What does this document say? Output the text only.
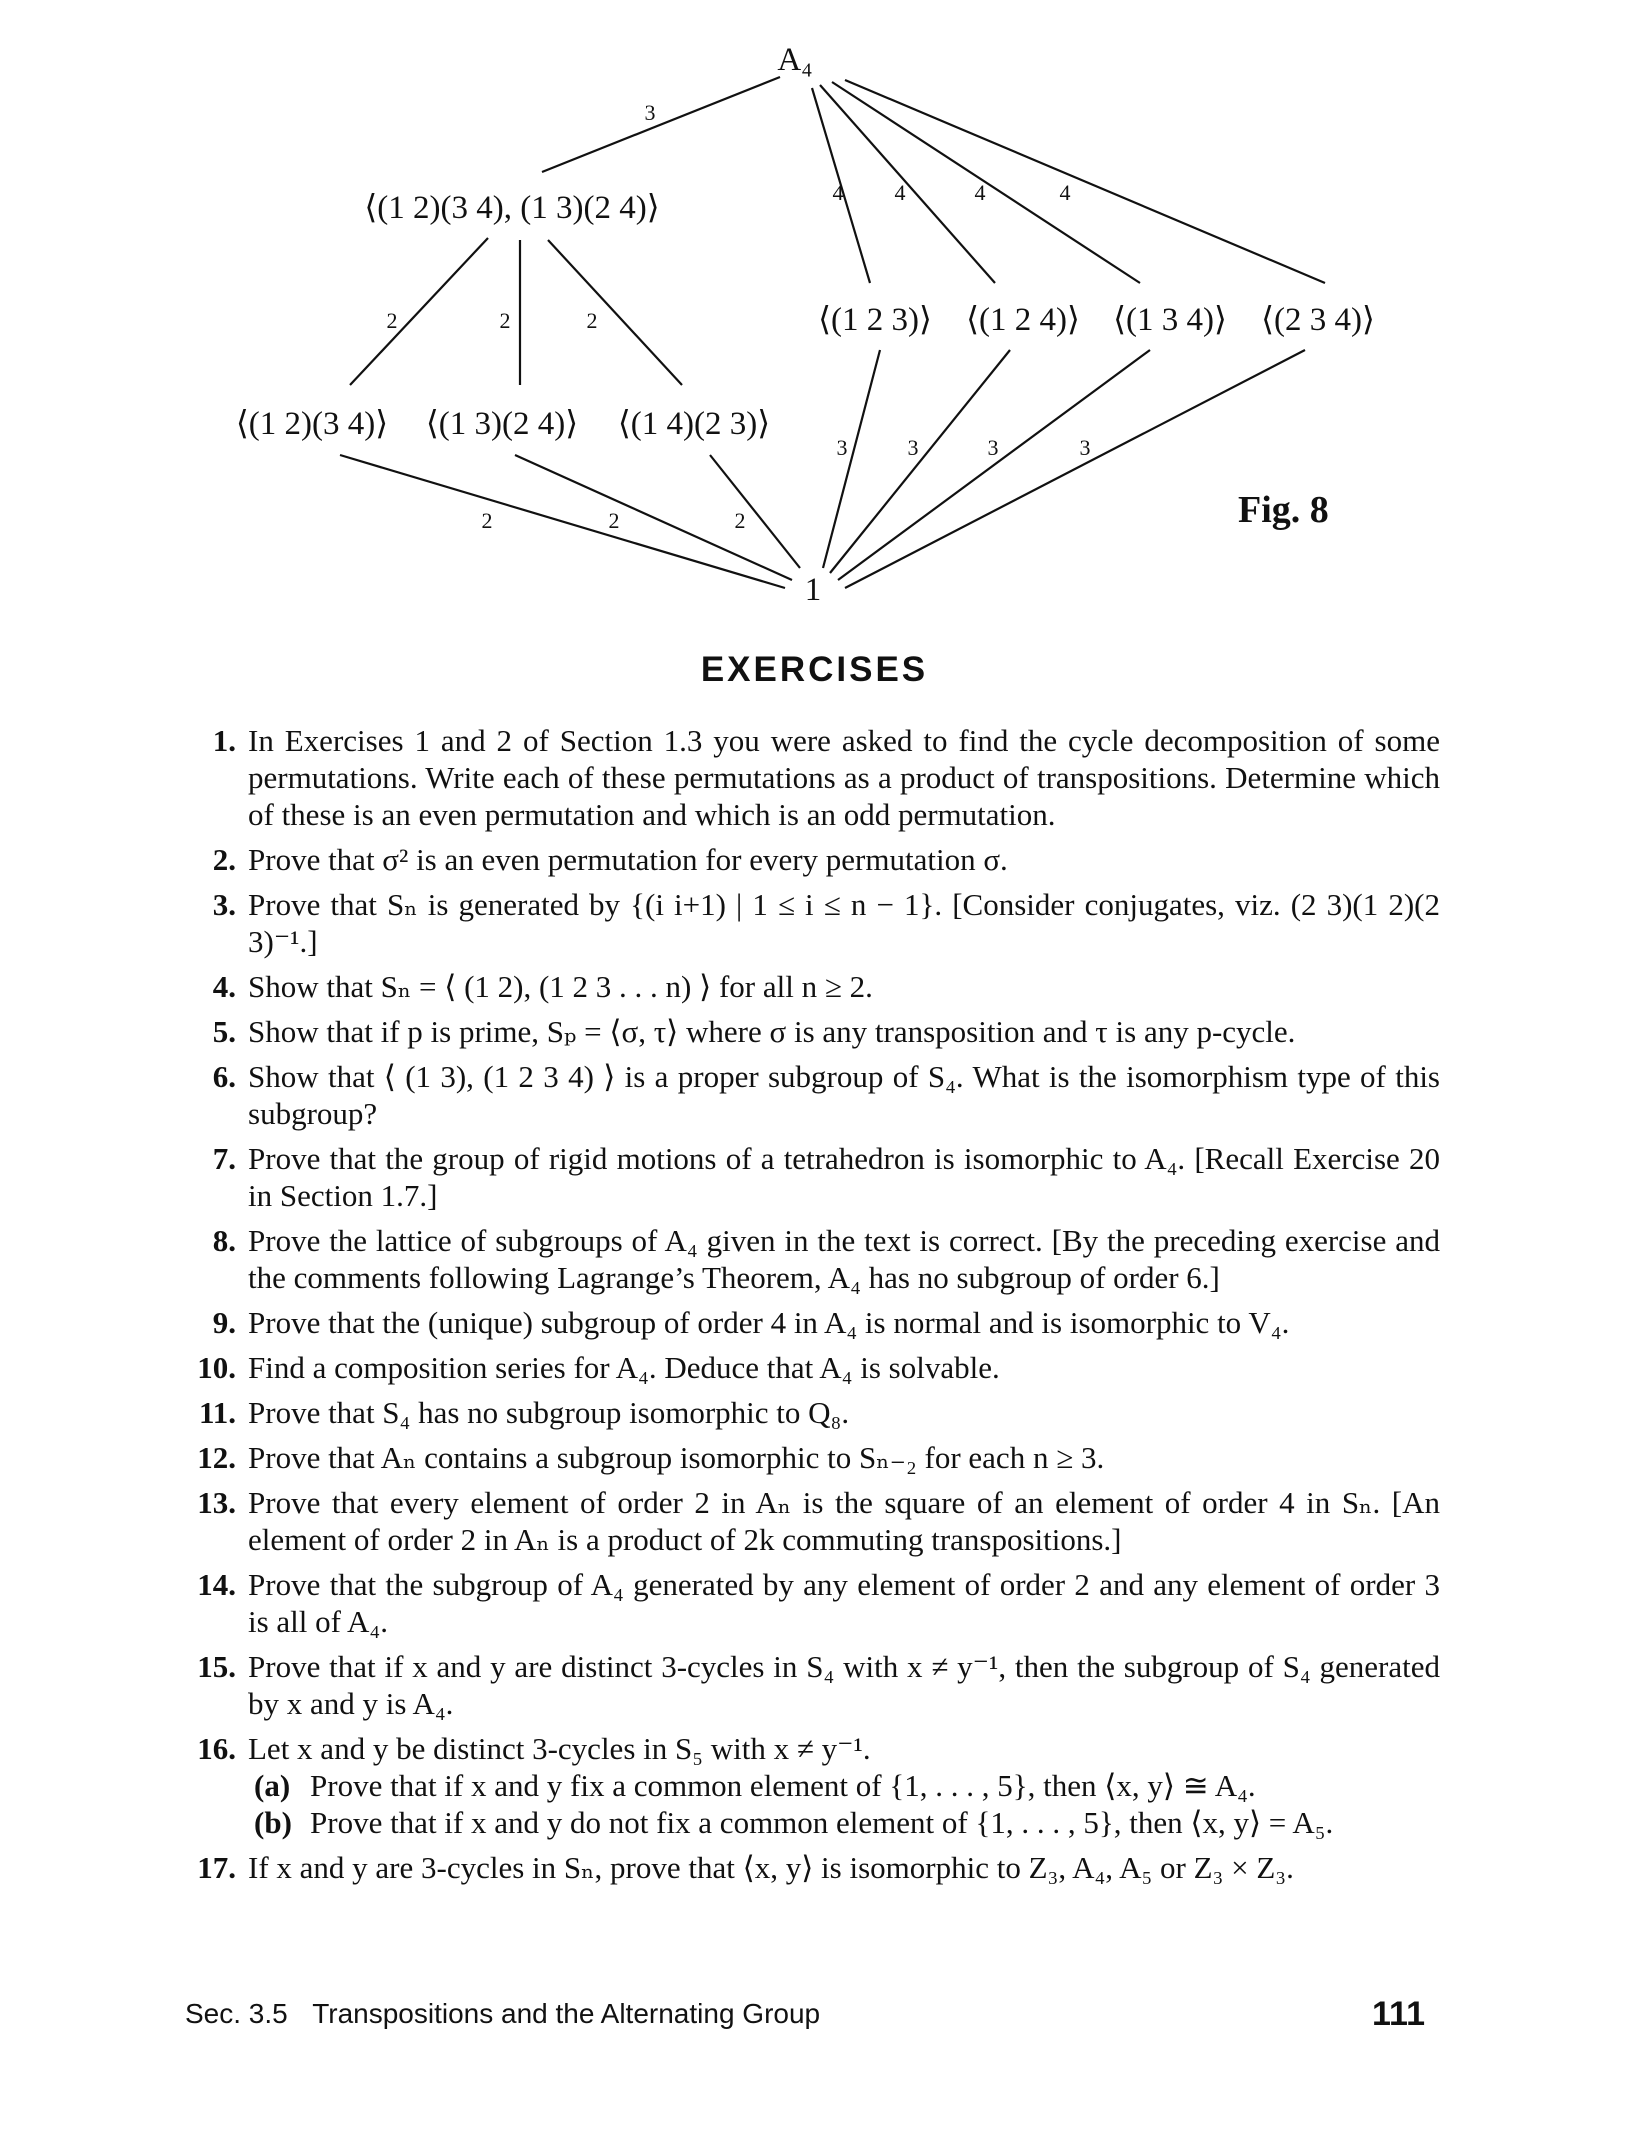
A₄
⟨(1 2)(3 4), (1 3)(2 4)⟩
⟨(1 2 3)⟩ ⟨(1 2 4)⟩ ⟨(1 3 4)⟩ ⟨(2 3 4)⟩
⟨(1 2)(3 4)⟩ ⟨(1 3)(2 4)⟩ ⟨(1 4)(2 3)⟩
1
3
4 4	4	4
2	2	2
2	2	2
3	3	3	3
Fig. 8
EXERCISES
1. In Exercises 1 and 2 of Section 1.3 you were asked to find the cycle decomposition of some permutations. Write each of these permutations as a product of transpositions. Determine which of these is an even permutation and which is an odd permutation.
2. Prove that σ² is an even permutation for every permutation σ.
3. Prove that Sₙ is generated by {(i i+1) | 1 ≤ i ≤ n − 1}. [Consider conjugates, viz. (2 3)(1 2)(2 3)⁻¹.]
4. Show that Sₙ = ⟨ (1 2), (1 2 3 . . . n) ⟩ for all n ≥ 2.
5. Show that if p is prime, Sₚ = ⟨σ, τ⟩ where σ is any transposition and τ is any p-cycle.
6. Show that ⟨ (1 3), (1 2 3 4) ⟩ is a proper subgroup of S₄. What is the isomorphism type of this subgroup?
7. Prove that the group of rigid motions of a tetrahedron is isomorphic to A₄. [Recall Exercise 20 in Section 1.7.]
8. Prove the lattice of subgroups of A₄ given in the text is correct. [By the preceding exercise and the comments following Lagrange’s Theorem, A₄ has no subgroup of order 6.]
9. Prove that the (unique) subgroup of order 4 in A₄ is normal and is isomorphic to V₄.
10. Find a composition series for A₄. Deduce that A₄ is solvable.
11. Prove that S₄ has no subgroup isomorphic to Q₈.
12. Prove that Aₙ contains a subgroup isomorphic to Sₙ₋₂ for each n ≥ 3.
13. Prove that every element of order 2 in Aₙ is the square of an element of order 4 in Sₙ. [An element of order 2 in Aₙ is a product of 2k commuting transpositions.]
14. Prove that the subgroup of A₄ generated by any element of order 2 and any element of order 3 is all of A₄.
15. Prove that if x and y are distinct 3-cycles in S₄ with x ≠ y⁻¹, then the subgroup of S₄ generated by x and y is A₄.
16. Let x and y be distinct 3-cycles in S₅ with x ≠ y⁻¹.
(a) Prove that if x and y fix a common element of {1, . . . , 5}, then ⟨x, y⟩ ≅ A₄.
(b) Prove that if x and y do not fix a common element of {1, . . . , 5}, then ⟨x, y⟩ = A₅.
17. If x and y are 3-cycles in Sₙ, prove that ⟨x, y⟩ is isomorphic to Z₃, A₄, A₅ or Z₃ × Z₃.
Sec. 3.5 Transpositions and the Alternating Group	111
